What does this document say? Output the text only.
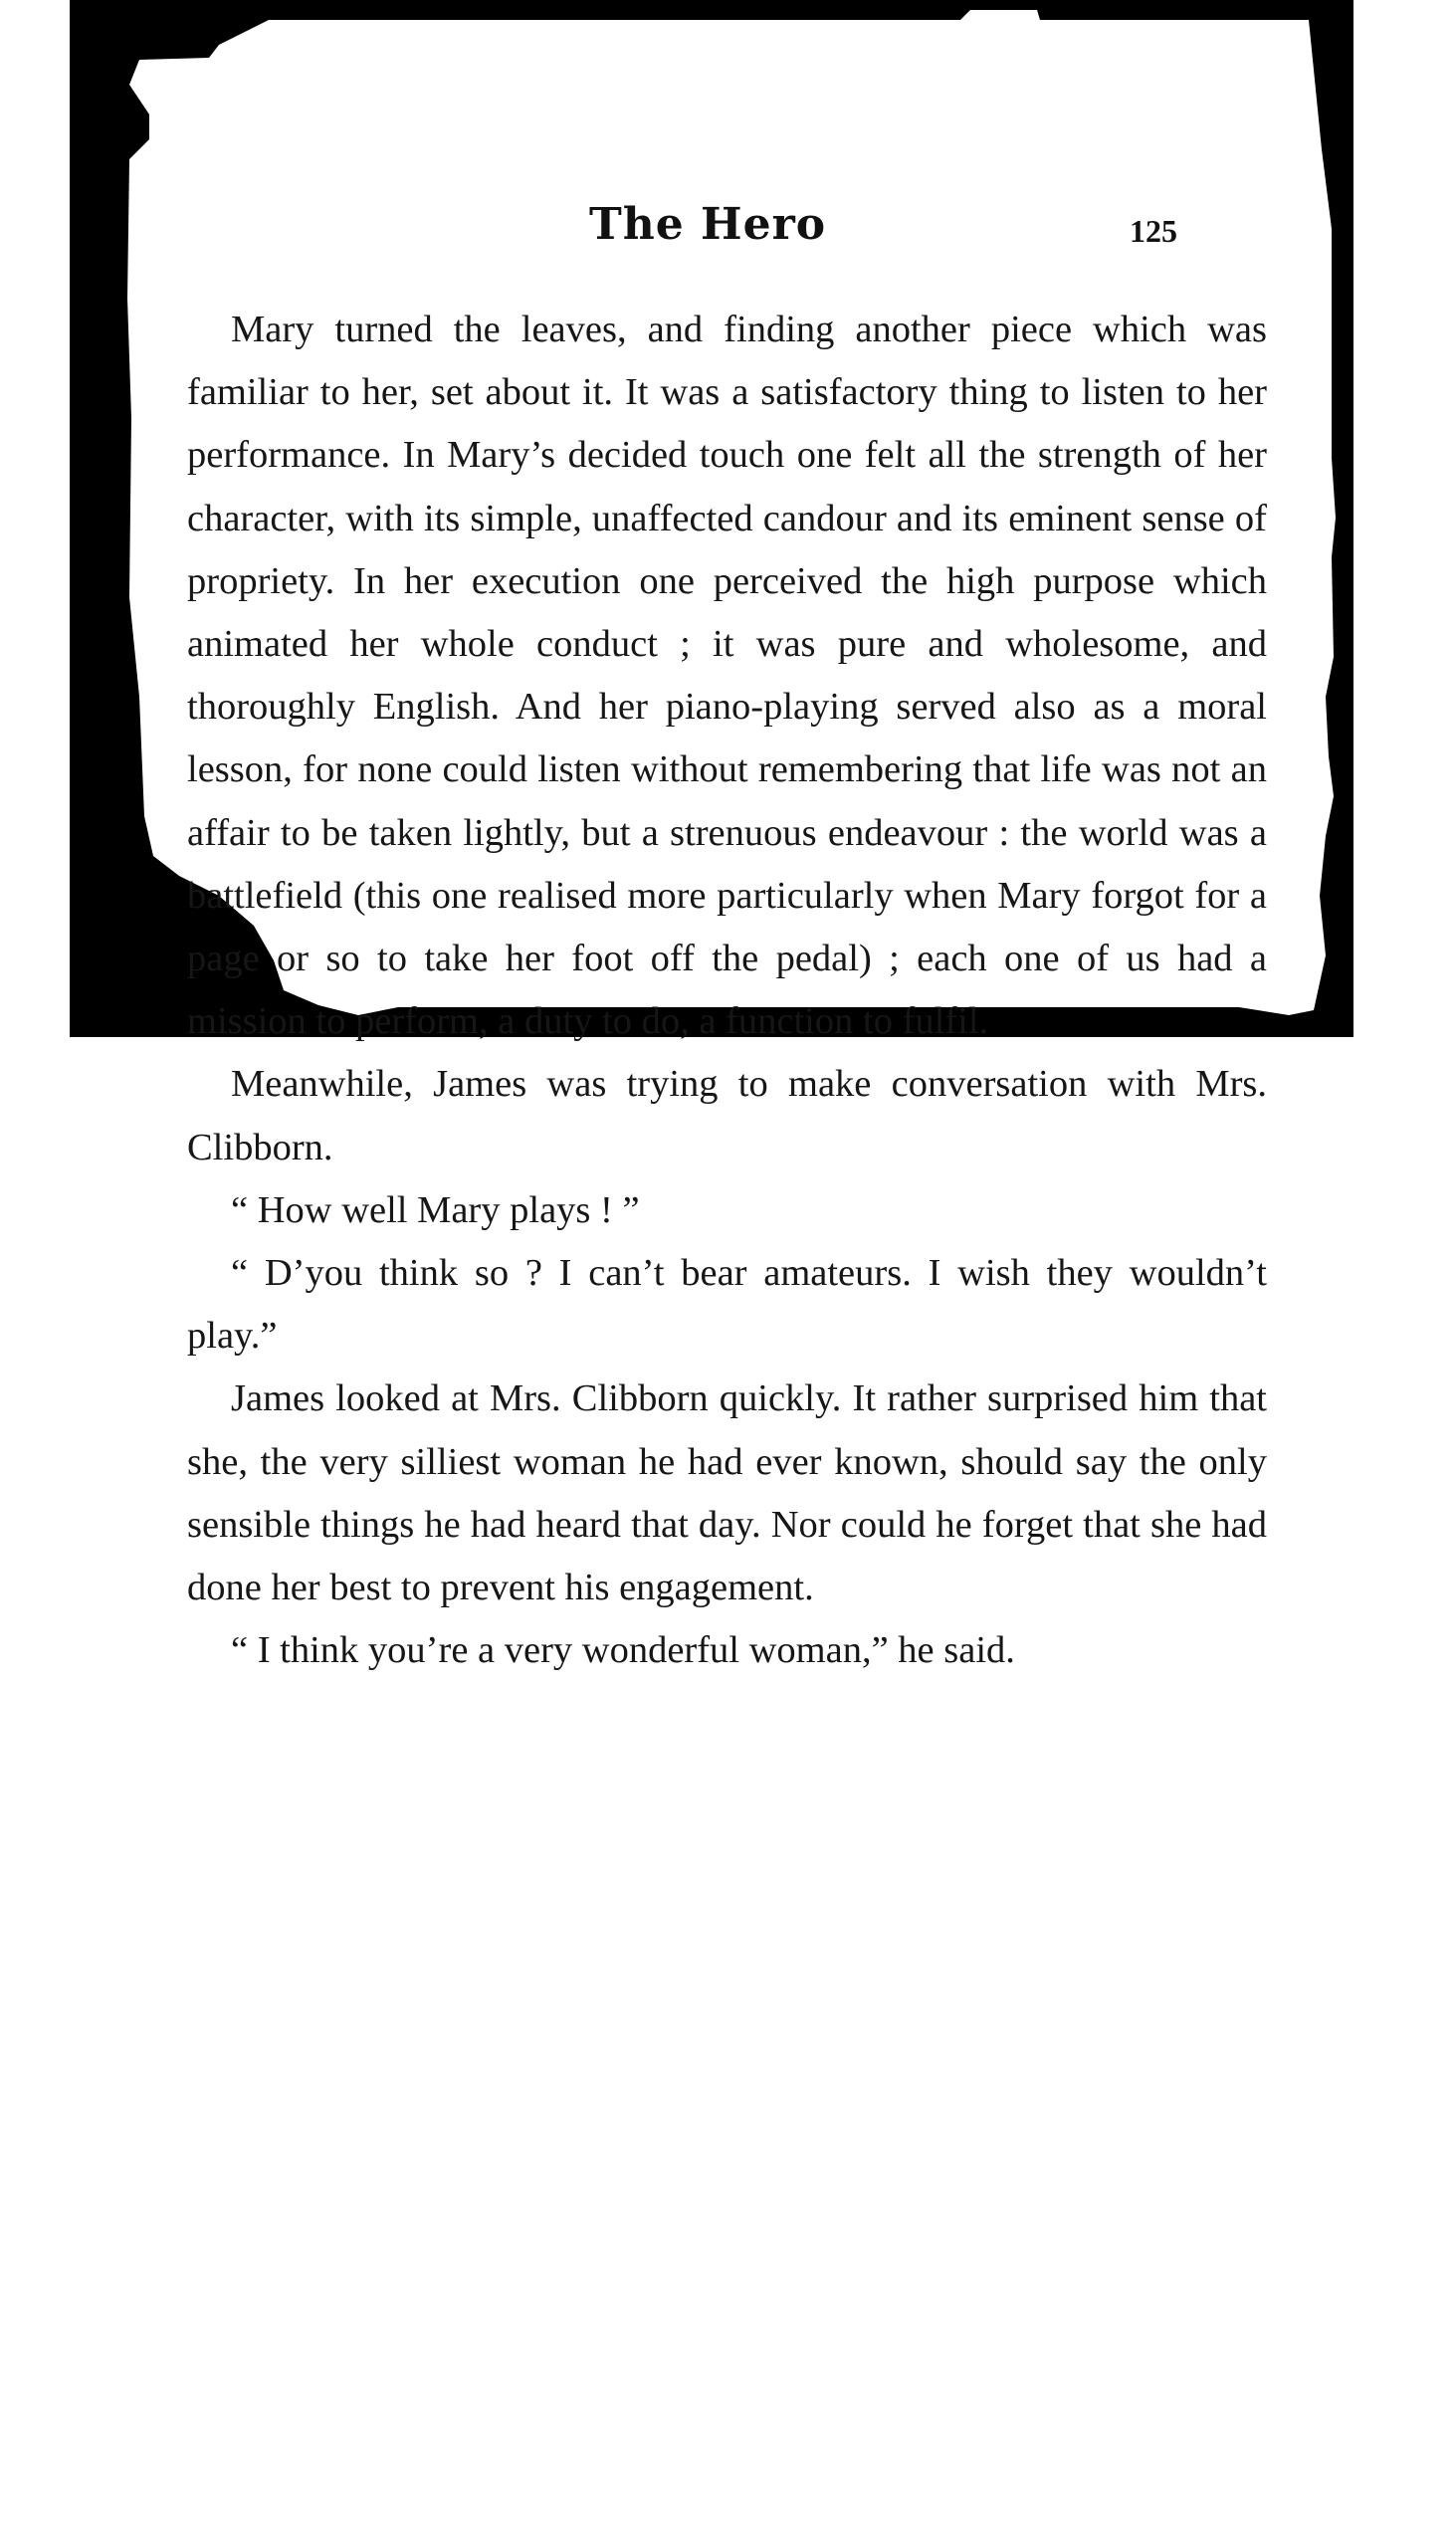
The Hero	125

Mary turned the leaves, and finding another piece which was familiar to her, set about it. It was a satisfactory thing to listen to her performance. In Mary’s decided touch one felt all the strength of her character, with its simple, unaffected candour and its eminent sense of propriety. In her execution one perceived the high purpose which animated her whole conduct ; it was pure and wholesome, and thoroughly English. And her piano-playing served also as a moral lesson, for none could listen without remembering that life was not an affair to be taken lightly, but a strenuous endeavour : the world was a battlefield (this one realised more particularly when Mary forgot for a page or so to take her foot off the pedal) ; each one of us had a mission to perform, a duty to do, a function to fulfil.

Meanwhile, James was trying to make conversation with Mrs. Clibborn.

“ How well Mary plays ! ”

“ D’you think so ? I can’t bear amateurs. I wish they wouldn’t play.”

James looked at Mrs. Clibborn quickly. It rather surprised him that she, the very silliest woman he had ever known, should say the only sensible things he had heard that day. Nor could he forget that she had done her best to prevent his engagement.

“ I think you’re a very wonderful woman,” he said.
